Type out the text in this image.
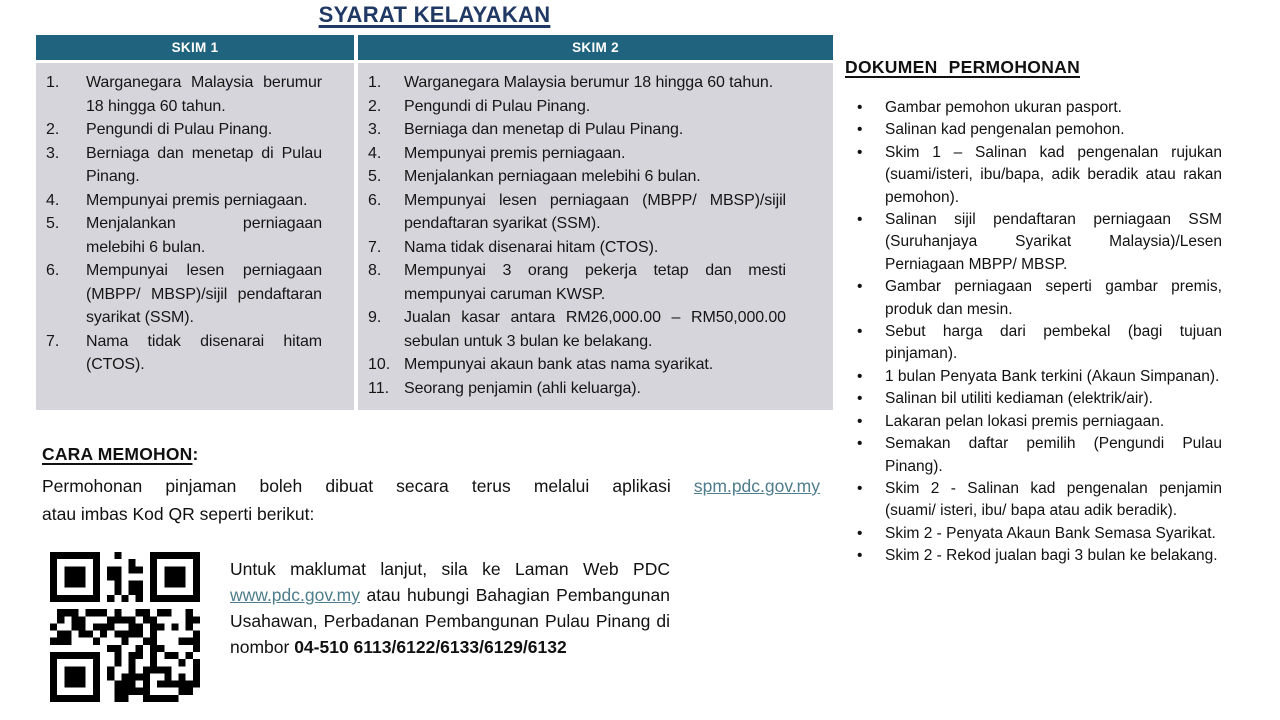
SYARAT KELAYAKAN
SKIM 1
1.	Warganegara Malaysia berumur 18 hingga 60 tahun.
2.	Pengundi di Pulau Pinang.
3.	Berniaga dan menetap di Pulau Pinang.
4.	Mempunyai premis perniagaan.
5.	Menjalankan perniagaan melebihi 6 bulan.
6.	Mempunyai lesen perniagaan (MBPP/ MBSP)/sijil pendaftaran syarikat (SSM).
7.	Nama tidak disenarai hitam (CTOS).
SKIM 2
1.	Warganegara Malaysia berumur 18 hingga 60 tahun.
2.	Pengundi di Pulau Pinang.
3.	Berniaga dan menetap di Pulau Pinang.
4.	Mempunyai premis perniagaan.
5.	Menjalankan perniagaan melebihi 6 bulan.
6.	Mempunyai lesen perniagaan (MBPP/ MBSP)/sijil pendaftaran syarikat (SSM).
7.	Nama tidak disenarai hitam (CTOS).
8.	Mempunyai 3 orang pekerja tetap dan mesti mempunyai caruman KWSP.
9.	Jualan kasar antara RM26,000.00 – RM50,000.00 sebulan untuk 3 bulan ke belakang.
10. Mempunyai akaun bank atas nama syarikat.
11. Seorang penjamin (ahli keluarga).
DOKUMEN PERMOHONAN
•	Gambar pemohon ukuran pasport.
•	Salinan kad pengenalan pemohon.
•	Skim 1 – Salinan kad pengenalan rujukan (suami/isteri, ibu/bapa, adik beradik atau rakan pemohon).
•	Salinan sijil pendaftaran perniagaan SSM (Suruhanjaya Syarikat Malaysia)/Lesen Perniagaan MBPP/ MBSP.
•	Gambar perniagaan seperti gambar premis, produk dan mesin.
•	Sebut harga dari pembekal (bagi tujuan pinjaman).
•	1 bulan Penyata Bank terkini (Akaun Simpanan).
•	Salinan bil utiliti kediaman (elektrik/air).
•	Lakaran pelan lokasi premis perniagaan.
•	Semakan daftar pemilih (Pengundi Pulau Pinang).
•	Skim 2 - Salinan kad pengenalan penjamin (suami/ isteri, ibu/ bapa atau adik beradik).
•	Skim 2 - Penyata Akaun Bank Semasa Syarikat.
•	Skim 2 - Rekod jualan bagi 3 bulan ke belakang.
CARA MEMOHON:
Permohonan pinjaman boleh dibuat secara terus melalui aplikasi spm.pdc.gov.my
atau imbas Kod QR seperti berikut:
Untuk maklumat lanjut, sila ke Laman Web PDC www.pdc.gov.my atau hubungi Bahagian Pembangunan Usahawan, Perbadanan Pembangunan Pulau Pinang di nombor 04-510 6113/6122/6133/6129/6132
